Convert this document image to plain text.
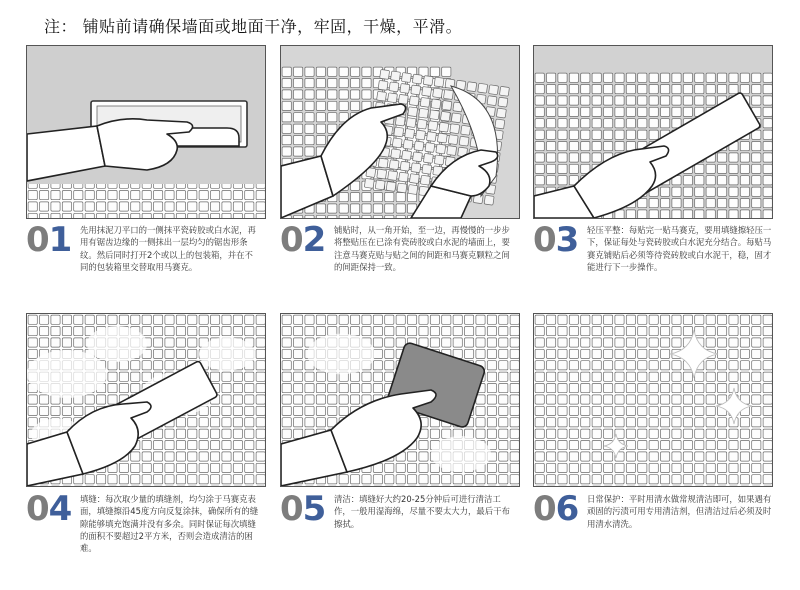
注： 铺贴前请确保墙面或地面干净，牢固，干燥，平滑。
01 先用抹泥刀平口的一侧抹平瓷砖胶或白水泥，再用有锯齿边缘的一侧抹出一层均匀的锯齿形条纹。然后同时打开2个或以上的包装箱，并在不同的包装箱里交替取用马赛克。
02 铺贴时，从一角开始，至一边，再慢慢的一步步将整贴压在已涂有瓷砖胶或白水泥的墙面上，要注意马赛克贴与贴之间的间距和马赛克颗粒之间的间距保持一致。
03 轻压平整：每贴完一贴马赛克，要用填缝擦轻压一下，保证每处与瓷砖胶或白水泥充分结合。每贴马赛克铺贴后必须等待瓷砖胶或白水泥干，稳，固才能进行下一步操作。
04 填缝：每次取少量的填缝剂，均匀涂于马赛克表面，填缝擦沿45度方向反复涂抹，确保所有的缝隙能够填充饱满并没有多余。同时保证每次填缝的面积不要超过2平方米，否则会造成清洁的困难。
05 清洁：填缝好大约20-25分钟后可进行清洁工作，一般用湿海绵，尽量不要太大力，最后干布擦拭。	06 日常保护：平时用清水做常规清洁即可，如果遇有顽固的污渍可用专用清洁剂，但清洁过后必须及时用清水清洗。
